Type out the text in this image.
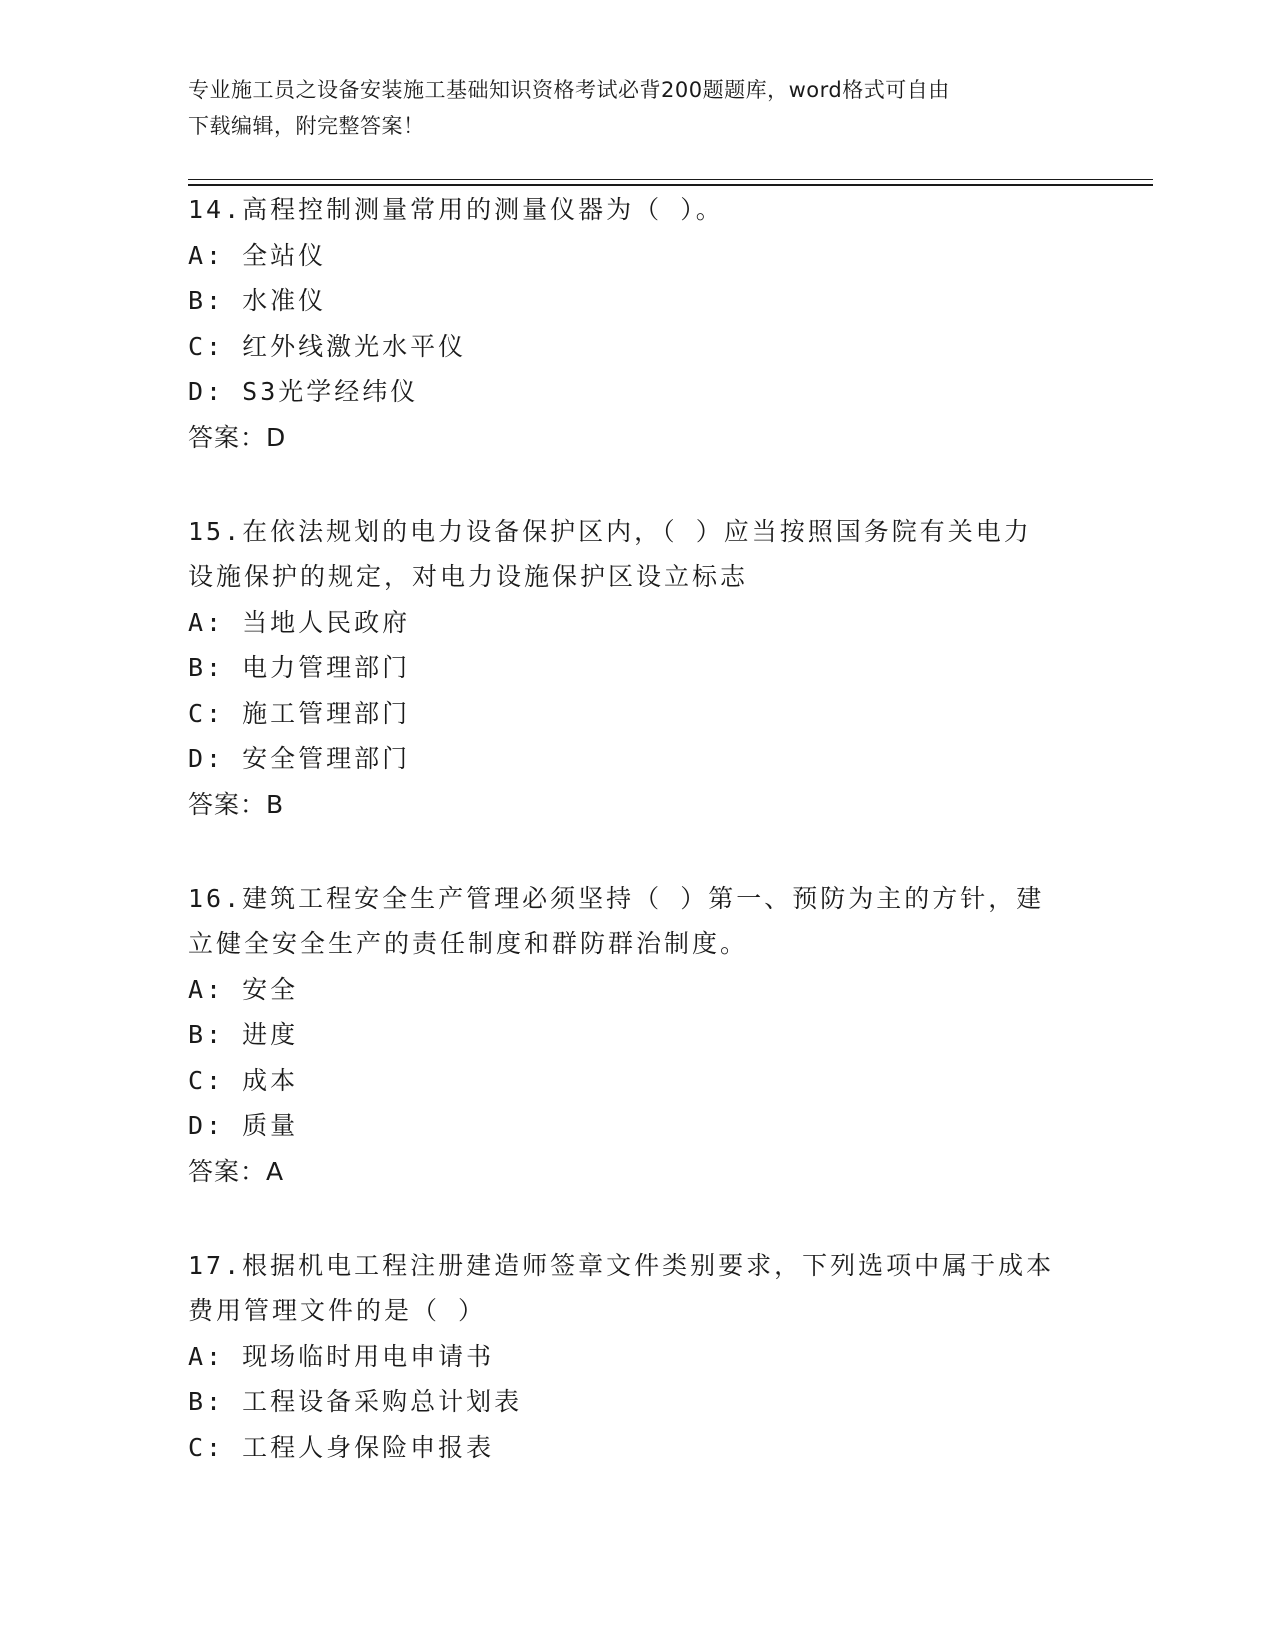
专业施工员之设备安装施工基础知识资格考试必背200题题库，word格式可自由
下载编辑，附完整答案！
14.高程控制测量常用的测量仪器为（ ）。
A: 全站仪
B: 水准仪
C: 红外线激光水平仪
D: S3光学经纬仪
答案：D
15.在依法规划的电力设备保护区内，（ ）应当按照国务院有关电力
设施保护的规定，对电力设施保护区设立标志
A: 当地人民政府
B: 电力管理部门
C: 施工管理部门
D: 安全管理部门
答案：B
16.建筑工程安全生产管理必须坚持（ ）第一、预防为主的方针，建
立健全安全生产的责任制度和群防群治制度。
A: 安全
B: 进度
C: 成本
D: 质量
答案：A
17.根据机电工程注册建造师签章文件类别要求，下列选项中属于成本
费用管理文件的是（ ）
A: 现场临时用电申请书
B: 工程设备采购总计划表
C: 工程人身保险申报表
